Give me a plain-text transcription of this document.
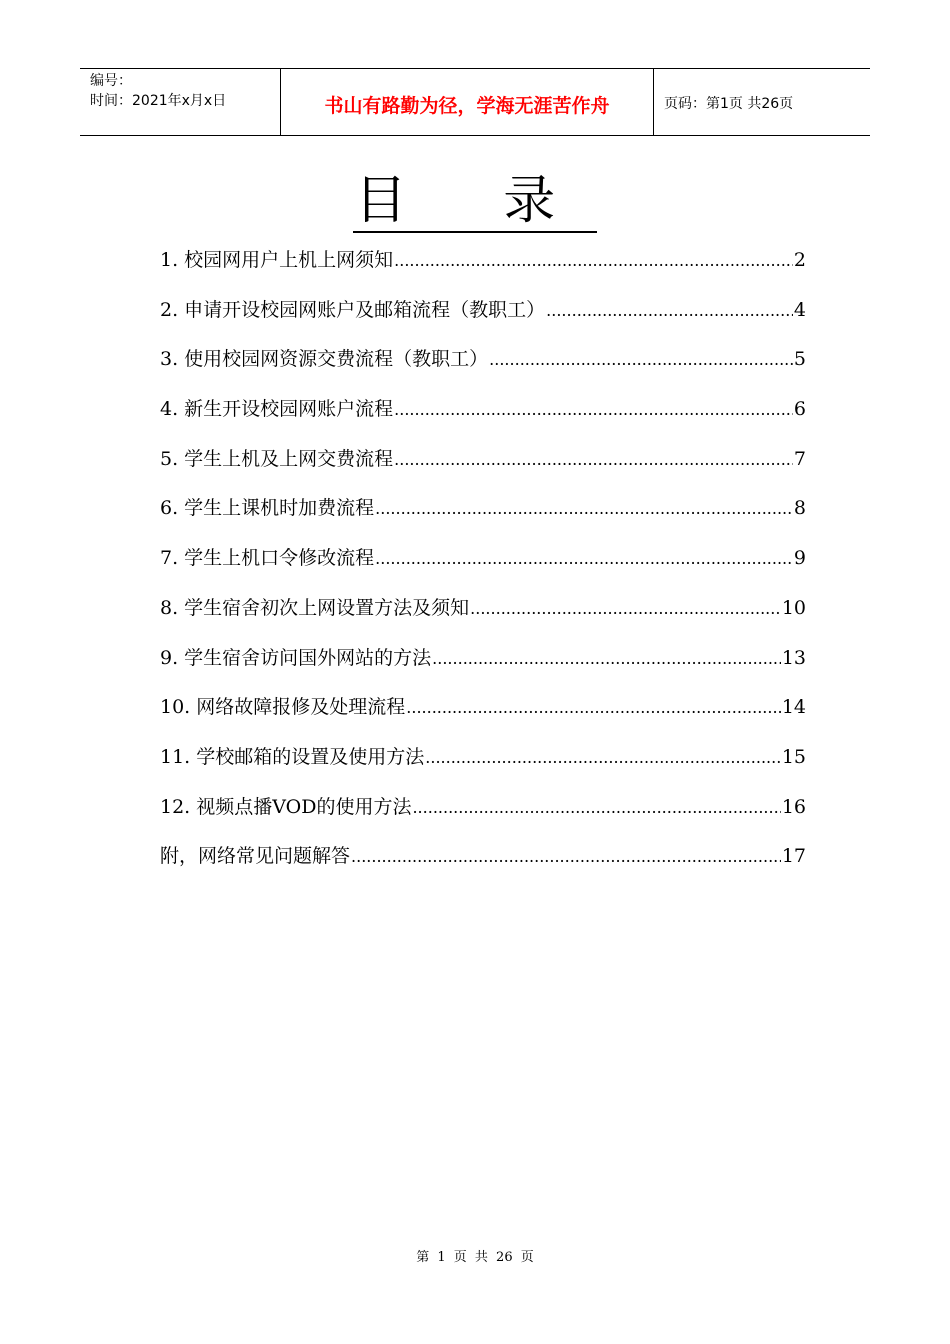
编号：
时间：2021年x月x日	书山有路勤为径，学海无涯苦作舟	页码：第1页 共26页
目 录
1. 校园网用户上机上网须知 .....	2
2. 申请开设校园网账户及邮箱流程（教职工） .....	4
3. 使用校园网资源交费流程（教职工） .....	5
4. 新生开设校园网账户流程 .....	6
5. 学生上机及上网交费流程 .....	7
6. 学生上课机时加费流程 .....	8
7. 学生上机口令修改流程 .....	9
8. 学生宿舍初次上网设置方法及须知 .....	10
9. 学生宿舍访问国外网站的方法 .....	13
10. 网络故障报修及处理流程 .....	14
11. 学校邮箱的设置及使用方法 .....	15
12. 视频点播VOD的使用方法 .....	16
附，网络常见问题解答 .....	17
第 1 页 共 26 页
